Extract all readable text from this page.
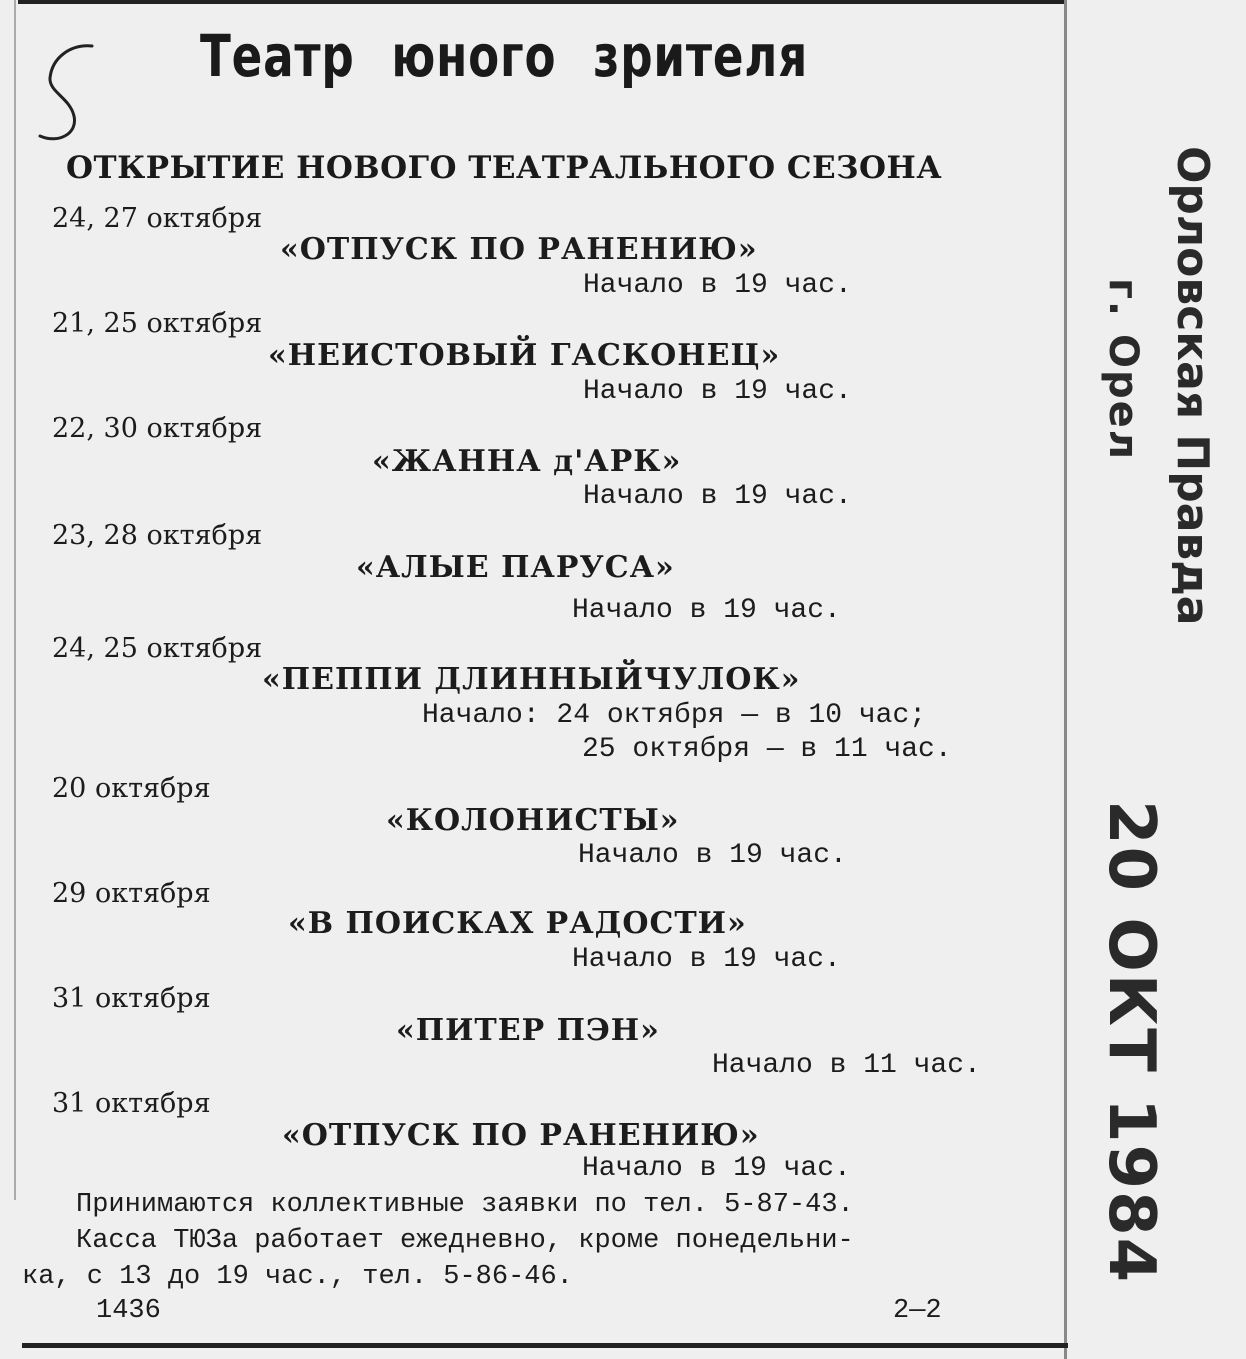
Театр юного зрителя
ОТКРЫТИЕ НОВОГО ТЕАТРАЛЬНОГО СЕЗОНА
24, 27 октября
«ОТПУСК ПО РАНЕНИЮ»
Начало в 19 час.
21, 25 октября
«НЕИСТОВЫЙ ГАСКОНЕЦ»
Начало в 19 час.
22, 30 октября
«ЖАННА д'АРК»
Начало в 19 час.
23, 28 октября
«АЛЫЕ ПАРУСА»
Начало в 19 час.
24, 25 октября
«ПЕППИ ДЛИННЫЙЧУЛОК»
Начало: 24 октября — в 10 час;
25 октября — в 11 час.
20 октября
«КОЛОНИСТЫ»
Начало в 19 час.
29 октября
«В ПОИСКАХ РАДОСТИ»
Начало в 19 час.
31 октября
«ПИТЕР ПЭН»
Начало в 11 час.
31 октября
«ОТПУСК ПО РАНЕНИЮ»
Начало в 19 час.
Принимаются коллективные заявки по тел. 5-87-43.
Касса ТЮЗа работает ежедневно, кроме понедельни-
ка, с 13 до 19 час., тел. 5-86-46.
1436	2—2
Орловская Правда
г. Орел
20 ОКТ 1984
